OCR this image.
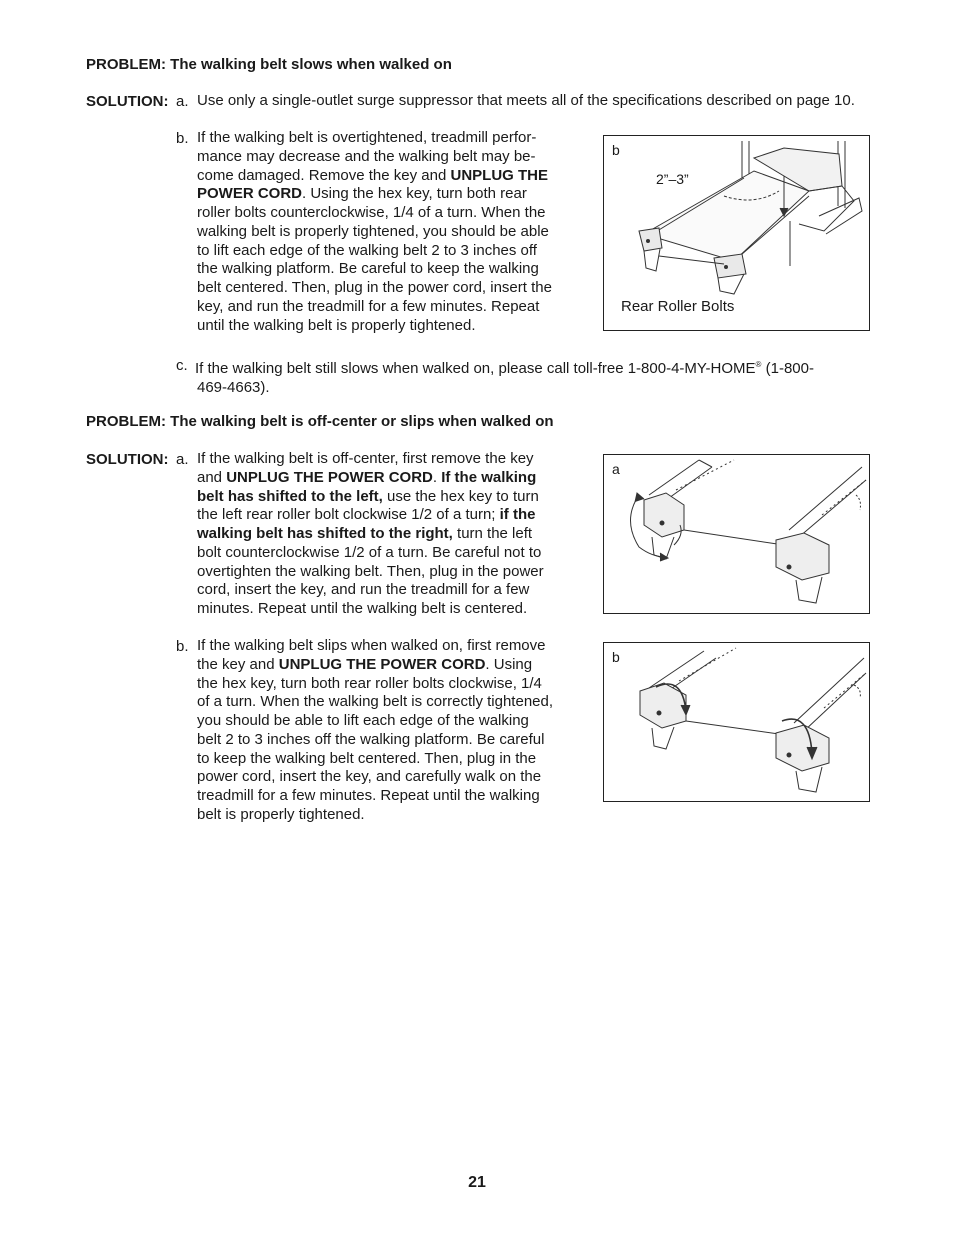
PROBLEM: The walking belt slows when walked on
SOLUTION: a. Use only a single-outlet surge suppressor that meets all of the specifications described on page 10.
b. If the walking belt is overtightened, treadmill perfor-
mance may decrease and the walking belt may be-
come damaged. Remove the key and UNPLUG THE
POWER CORD. Using the hex key, turn both rear
roller bolts counterclockwise, 1/4 of a turn. When the
walking belt is properly tightened, you should be able
to lift each edge of the walking belt 2 to 3 inches off
the walking platform. Be careful to keep the walking
belt centered. Then, plug in the power cord, insert the
key, and run the treadmill for a few minutes. Repeat
until the walking belt is properly tightened.
b
2”–3”
Rear Roller Bolts
c. If the walking belt still slows when walked on, please call toll-free 1-800-4-MY-HOME® (1-800-
469-4663).
PROBLEM: The walking belt is off-center or slips when walked on
SOLUTION: a. If the walking belt is off-center, first remove the key
and UNPLUG THE POWER CORD. If the walking
belt has shifted to the left, use the hex key to turn
the left rear roller bolt clockwise 1/2 of a turn; if the
walking belt has shifted to the right, turn the left
bolt counterclockwise 1/2 of a turn. Be careful not to
overtighten the walking belt. Then, plug in the power
cord, insert the key, and run the treadmill for a few
minutes. Repeat until the walking belt is centered.
a
b. If the walking belt slips when walked on, first remove
the key and UNPLUG THE POWER CORD. Using
the hex key, turn both rear roller bolts clockwise, 1/4
of a turn. When the walking belt is correctly tightened,
you should be able to lift each edge of the walking
belt 2 to 3 inches off the walking platform. Be careful
to keep the walking belt centered. Then, plug in the
power cord, insert the key, and carefully walk on the
treadmill for a few minutes. Repeat until the walking
belt is properly tightened.
b
21
